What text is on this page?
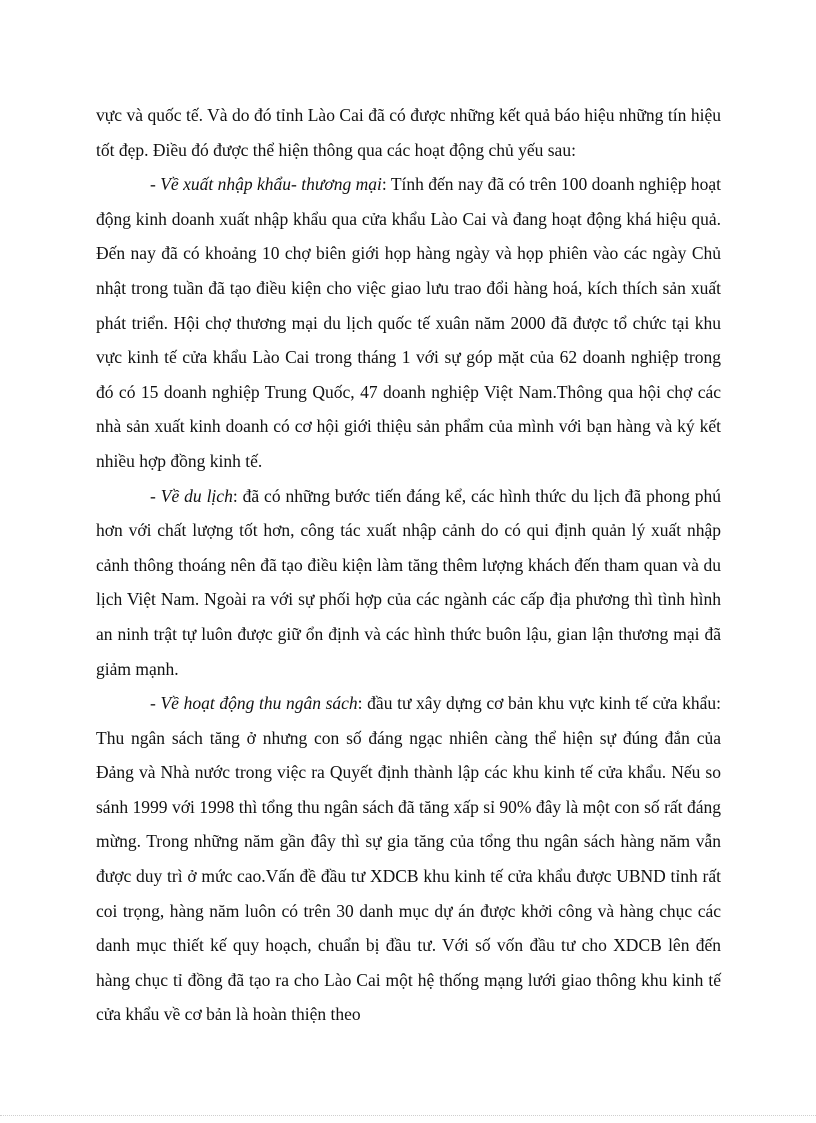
vực và quốc tế. Và do đó tỉnh Lào Cai đã có được những kết quả báo hiệu những tín hiệu tốt đẹp. Điều đó được thể hiện thông qua các hoạt động chủ yếu sau:

- Về xuất nhập khẩu- thương mại: Tính đến nay đã có trên 100 doanh nghiệp hoạt động kinh doanh xuất nhập khẩu qua cửa khẩu Lào Cai và đang hoạt động khá hiệu quả. Đến nay đã có khoảng 10 chợ biên giới họp hàng ngày và họp phiên vào các ngày Chủ nhật trong tuần đã tạo điều kiện cho việc giao lưu trao đổi hàng hoá, kích thích sản xuất phát triển. Hội chợ thương mại du lịch quốc tế xuân năm 2000 đã được tổ chức tại khu vực kinh tế cửa khẩu Lào Cai trong tháng 1 với sự góp mặt của 62 doanh nghiệp trong đó có 15 doanh nghiệp Trung Quốc, 47 doanh nghiệp Việt Nam.Thông qua hội chợ các nhà sản xuất kinh doanh có cơ hội giới thiệu sản phẩm của mình với bạn hàng và ký kết nhiều hợp đồng kinh tế.

- Về du lịch: đã có những bước tiến đáng kể, các hình thức du lịch đã phong phú hơn với chất lượng tốt hơn, công tác xuất nhập cảnh do có qui định quản lý xuất nhập cảnh thông thoáng nên đã tạo điều kiện làm tăng thêm lượng khách đến tham quan và du lịch Việt Nam. Ngoài ra với sự phối hợp của các ngành các cấp địa phương thì tình hình an ninh trật tự luôn được giữ ổn định và các hình thức buôn lậu, gian lận thương mại đã giảm mạnh.

- Về hoạt động thu ngân sách: đầu tư xây dựng cơ bản khu vực kinh tế cửa khẩu: Thu ngân sách tăng ở nhưng con số đáng ngạc nhiên càng thể hiện sự đúng đắn của Đảng và Nhà nước trong việc ra Quyết định thành lập các khu kinh tế cửa khẩu. Nếu so sánh 1999 với 1998 thì tổng thu ngân sách đã tăng xấp sỉ 90% đây là một con số rất đáng mừng. Trong những năm gần đây thì sự gia tăng của tổng thu ngân sách hàng năm vẫn được duy trì ở mức cao.Vấn đề đầu tư XDCB khu kinh tế cửa khẩu được UBND tỉnh rất coi trọng, hàng năm luôn có trên 30 danh mục dự án được khởi công và hàng chục các danh mục thiết kế quy hoạch, chuẩn bị đầu tư. Với số vốn đầu tư cho XDCB lên đến hàng chục tỉ đồng đã tạo ra cho Lào Cai một hệ thống mạng lưới giao thông khu kinh tế cửa khẩu về cơ bản là hoàn thiện theo
